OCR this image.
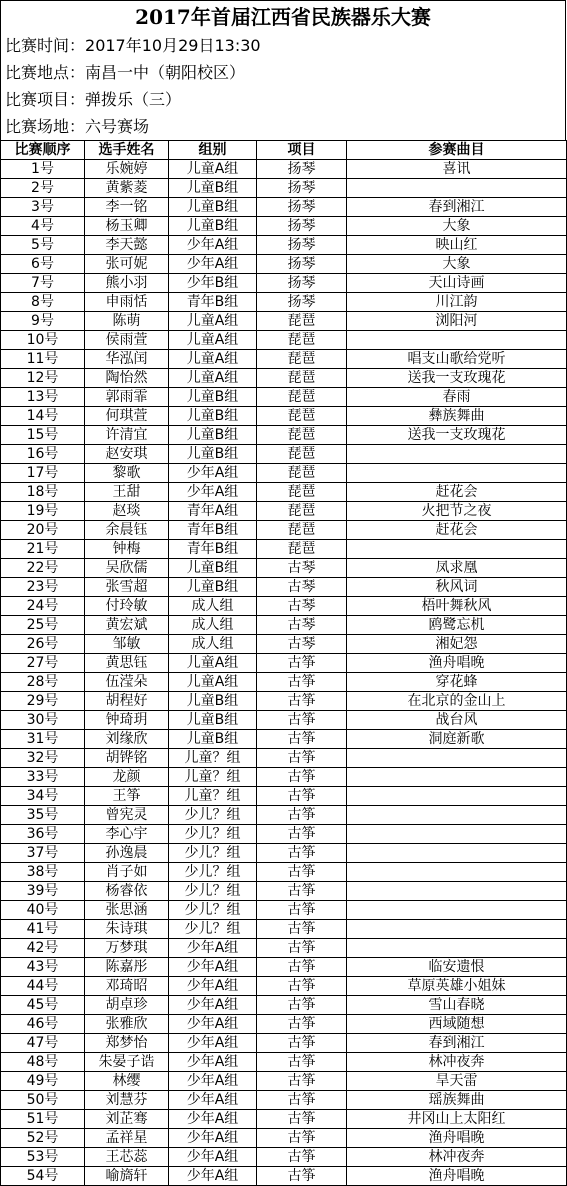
2017年首届江西省民族器乐大赛
比赛时间：2017年10月29日13:30
比赛地点：南昌一中（朝阳校区）
比赛项目：弹拨乐（三）
比赛场地：六号赛场
比赛顺序	选手姓名	组别	项目	参赛曲目
1号	乐婉婷	儿童A组	扬琴	喜讯
2号	黄紫菱	儿童B组	扬琴	
3号	李一铭	儿童B组	扬琴	春到湘江
4号	杨玉卿	儿童B组	扬琴	大象
5号	李天懿	少年A组	扬琴	映山红
6号	张可妮	少年A组	扬琴	大象
7号	熊小羽	少年B组	扬琴	天山诗画
8号	申雨恬	青年B组	扬琴	川江韵
9号	陈萌	儿童A组	琵琶	浏阳河
10号	侯雨萱	儿童A组	琵琶	
11号	华泓闰	儿童A组	琵琶	唱支山歌给党听
12号	陶怡然	儿童A组	琵琶	送我一支玫瑰花
13号	郭雨霏	儿童B组	琵琶	春雨
14号	何琪萱	儿童B组	琵琶	彝族舞曲
15号	许清宜	儿童B组	琵琶	送我一支玫瑰花
16号	赵安琪	儿童B组	琵琶	
17号	黎歌	少年A组	琵琶	
18号	王甜	少年A组	琵琶	赶花会
19号	赵琰	青年A组	琵琶	火把节之夜
20号	余晨钰	青年B组	琵琶	赶花会
21号	钟梅	青年B组	琵琶	
22号	吴欣儒	儿童B组	古琴	凤求凰
23号	张雪超	儿童B组	古琴	秋风词
24号	付玲敏	成人组	古琴	梧叶舞秋风
25号	黄宏斌	成人组	古琴	鸥鹭忘机
26号	邹敏	成人组	古琴	湘妃怨
27号	黄思钰	儿童A组	古筝	渔舟唱晚
28号	伍滢朵	儿童A组	古筝	穿花蜂
29号	胡程好	儿童B组	古筝	在北京的金山上
30号	钟琦玥	儿童B组	古筝	战台风
31号	刘缘欣	儿童B组	古筝	洞庭新歌
32号	胡铧铭	儿童？组	古筝	
33号	龙颜	儿童？组	古筝	
34号	王筝	儿童？组	古筝	
35号	曾宪灵	少儿？组	古筝	
36号	李心宇	少儿？组	古筝	
37号	孙逸晨	少儿？组	古筝	
38号	肖子如	少儿？组	古筝	
39号	杨睿依	少儿？组	古筝	
40号	张思涵	少儿？组	古筝	
41号	朱诗琪	少儿？组	古筝	
42号	万梦琪	少年A组	古筝	
43号	陈嘉彤	少年A组	古筝	临安遗恨
44号	邓琦昭	少年A组	古筝	草原英雄小姐妹
45号	胡卓珍	少年A组	古筝	雪山春晓
46号	张雅欣	少年A组	古筝	西域随想
47号	郑梦怡	少年A组	古筝	春到湘江
48号	朱晏子诰	少年A组	古筝	林冲夜奔
49号	林缨	少年A组	古筝	旱天雷
50号	刘慧芬	少年A组	古筝	瑶族舞曲
51号	刘芷骞	少年A组	古筝	井冈山上太阳红
52号	孟祥星	少年A组	古筝	渔舟唱晚
53号	王芯蕊	少年A组	古筝	林冲夜奔
54号	喻旖轩	少年A组	古筝	渔舟唱晚
